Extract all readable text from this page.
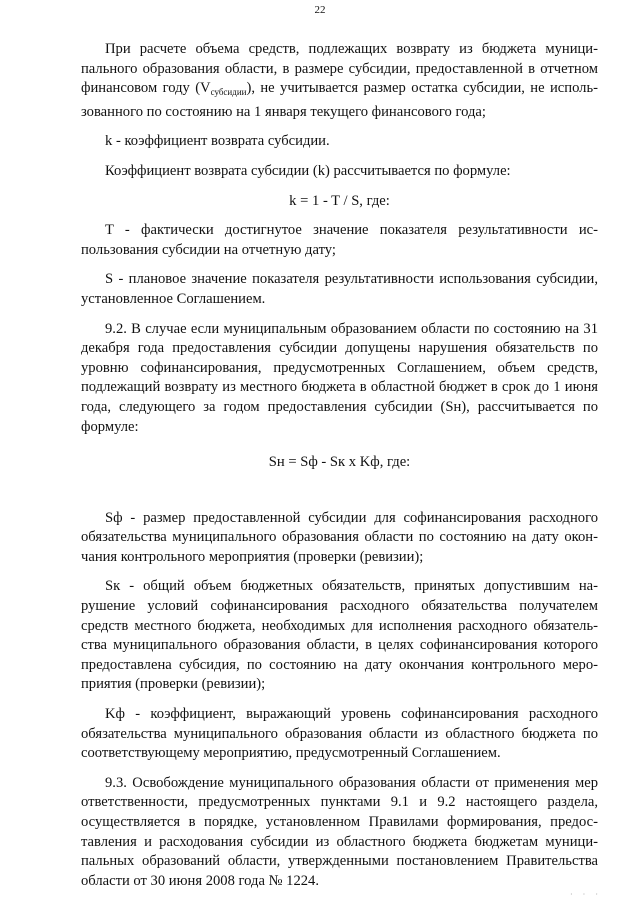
22

При расчете объема средств, подлежащих возврату из бюджета муниципального образования области, в размере субсидии, предоставленной в отчетном финансовом году $(V_{субсидии})$, не учитывается размер остатка субсидии, не использованного по состоянию на 1 января текущего финансового года;

k - коэффициент возврата субсидии.

Коэффициент возврата субсидии (k) рассчитывается по формуле:

k = 1 - T / S, где:

T - фактически достигнутое значение показателя результативности использования субсидии на отчетную дату;

S - плановое значение показателя результативности использования субсидии, установленное Соглашением.

9.2. В случае если муниципальным образованием области по состоянию на 31 декабря года предоставления субсидии допущены нарушения обязательств по уровню софинансирования, предусмотренных Соглашением, объем средств, подлежащий возврату из местного бюджета в областной бюджет в срок до 1 июня года, следующего за годом предоставления субсидии (Sн), рассчитывается по формуле:

Sн = Sф - Sк x Kф, где:

Sф - размер предоставленной субсидии для софинансирования расходного обязательства муниципального образования области по состоянию на дату окончания контрольного мероприятия (проверки (ревизии);

Sк - общий объем бюджетных обязательств, принятых допустившим нарушение условий софинансирования расходного обязательства получателем средств местного бюджета, необходимых для исполнения расходного обязательства муниципального образования области, в целях софинансирования которого предоставлена субсидия, по состоянию на дату окончания контрольного мероприятия (проверки (ревизии);

Kф - коэффициент, выражающий уровень софинансирования расходного обязательства муниципального образования области из областного бюджета по соответствующему мероприятию, предусмотренный Соглашением.

9.3. Освобождение муниципального образования области от применения мер ответственности, предусмотренных пунктами 9.1 и 9.2 настоящего раздела, осуществляется в порядке, установленном Правилами формирования, предоставления и расходования субсидии из областного бюджета бюджетам муниципальных образований области, утвержденными постановлением Правительства области от 30 июня 2008 года № 1224.

· · ·
